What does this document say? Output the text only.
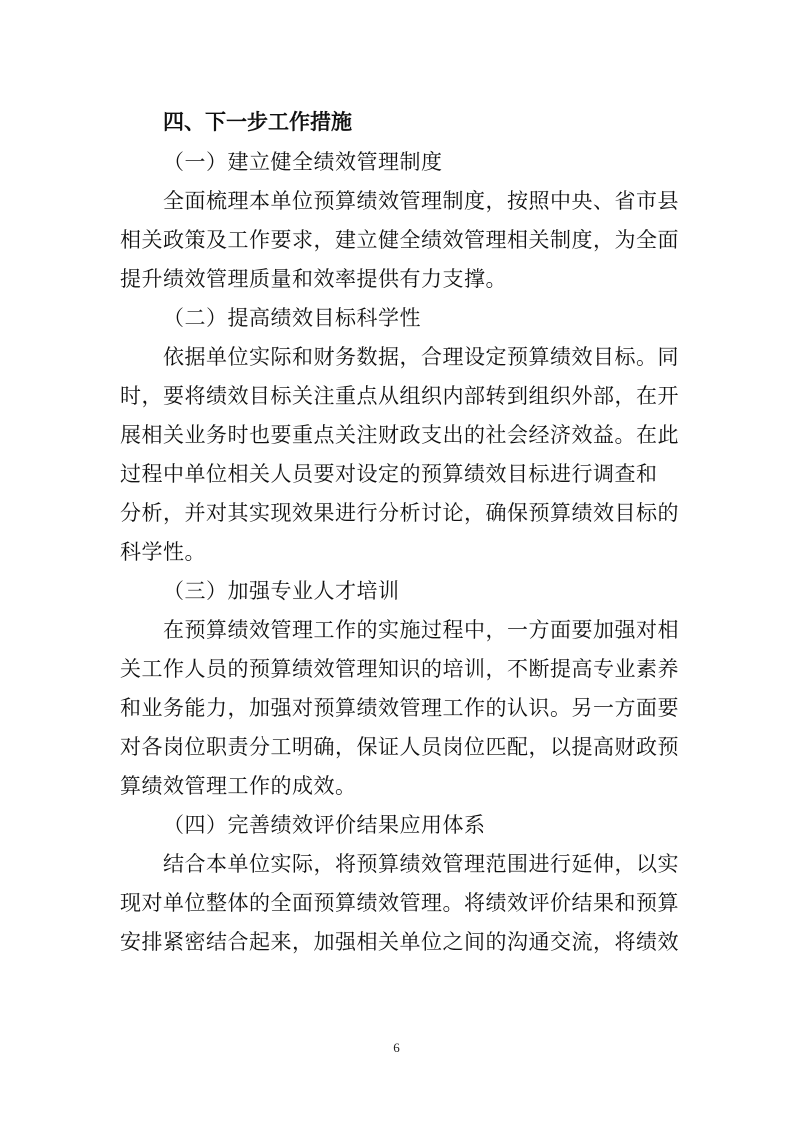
四、下一步工作措施
（一）建立健全绩效管理制度
全面梳理本单位预算绩效管理制度，按照中央、省市县
相关政策及工作要求，建立健全绩效管理相关制度，为全面
提升绩效管理质量和效率提供有力支撑。
（二）提高绩效目标科学性
依据单位实际和财务数据，合理设定预算绩效目标。同
时，要将绩效目标关注重点从组织内部转到组织外部，在开
展相关业务时也要重点关注财政支出的社会经济效益。在此
过程中单位相关人员要对设定的预算绩效目标进行调查和
分析，并对其实现效果进行分析讨论，确保预算绩效目标的
科学性。
（三）加强专业人才培训
在预算绩效管理工作的实施过程中，一方面要加强对相
关工作人员的预算绩效管理知识的培训，不断提高专业素养
和业务能力，加强对预算绩效管理工作的认识。另一方面要
对各岗位职责分工明确，保证人员岗位匹配，以提高财政预
算绩效管理工作的成效。
（四）完善绩效评价结果应用体系
结合本单位实际，将预算绩效管理范围进行延伸，以实
现对单位整体的全面预算绩效管理。将绩效评价结果和预算
安排紧密结合起来，加强相关单位之间的沟通交流，将绩效
6
